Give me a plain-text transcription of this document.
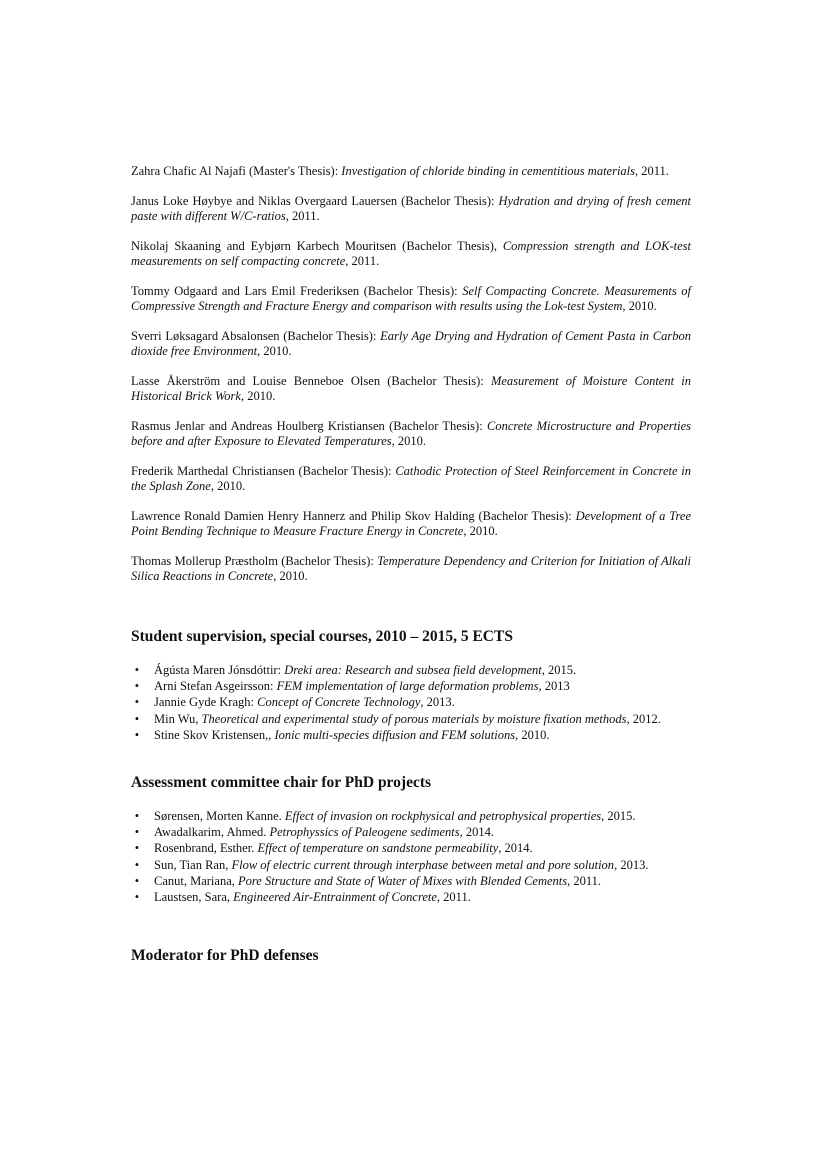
Zahra Chafic Al Najafi (Master's Thesis): Investigation of chloride binding in cementitious materials, 2011.

Janus Loke Høybye and Niklas Overgaard Lauersen (Bachelor Thesis): Hydration and drying of fresh cement paste with different W/C-ratios, 2011.

Nikolaj Skaaning and Eybjørn Karbech Mouritsen (Bachelor Thesis), Compression strength and LOK-test measurements on self compacting concrete, 2011.

Tommy Odgaard and Lars Emil Frederiksen (Bachelor Thesis): Self Compacting Concrete. Measurements of Compressive Strength and Fracture Energy and comparison with results using the Lok-test System, 2010.

Sverri Løksagard Absalonsen (Bachelor Thesis): Early Age Drying and Hydration of Cement Pasta in Carbon dioxide free Environment, 2010.

Lasse Åkerström and Louise Benneboe Olsen (Bachelor Thesis): Measurement of Moisture Content in Historical Brick Work, 2010.

Rasmus Jenlar and Andreas Houlberg Kristiansen (Bachelor Thesis): Concrete Microstructure and Properties before and after Exposure to Elevated Temperatures, 2010.

Frederik Marthedal Christiansen (Bachelor Thesis): Cathodic Protection of Steel Reinforcement in Concrete in the Splash Zone, 2010.

Lawrence Ronald Damien Henry Hannerz and Philip Skov Halding (Bachelor Thesis): Development of a Tree Point Bending Technique to Measure Fracture Energy in Concrete, 2010.

Thomas Mollerup Præstholm (Bachelor Thesis): Temperature Dependency and Criterion for Initiation of Alkali Silica Reactions in Concrete, 2010.

Student supervision, special courses, 2010 – 2015, 5 ECTS
•	Ágústa Maren Jónsdóttir: Dreki area: Research and subsea field development, 2015.
•	Arni Stefan Asgeirsson: FEM implementation of large deformation problems, 2013
•	Jannie Gyde Kragh: Concept of Concrete Technology, 2013.
•	Min Wu, Theoretical and experimental study of porous materials by moisture fixation methods, 2012.
•	Stine Skov Kristensen,, Ionic multi-species diffusion and FEM solutions, 2010.
Assessment committee chair for PhD projects
•	Sørensen, Morten Kanne. Effect of invasion on rockphysical and petrophysical properties, 2015.
•	Awadalkarim, Ahmed. Petrophyssics of Paleogene sediments, 2014.
•	Rosenbrand, Esther. Effect of temperature on sandstone permeability, 2014.
•	Sun, Tian Ran, Flow of electric current through interphase between metal and pore solution, 2013.
•	Canut, Mariana, Pore Structure and State of Water of Mixes with Blended Cements, 2011.
•	Laustsen, Sara, Engineered Air-Entrainment of Concrete, 2011.
Moderator for PhD defenses
